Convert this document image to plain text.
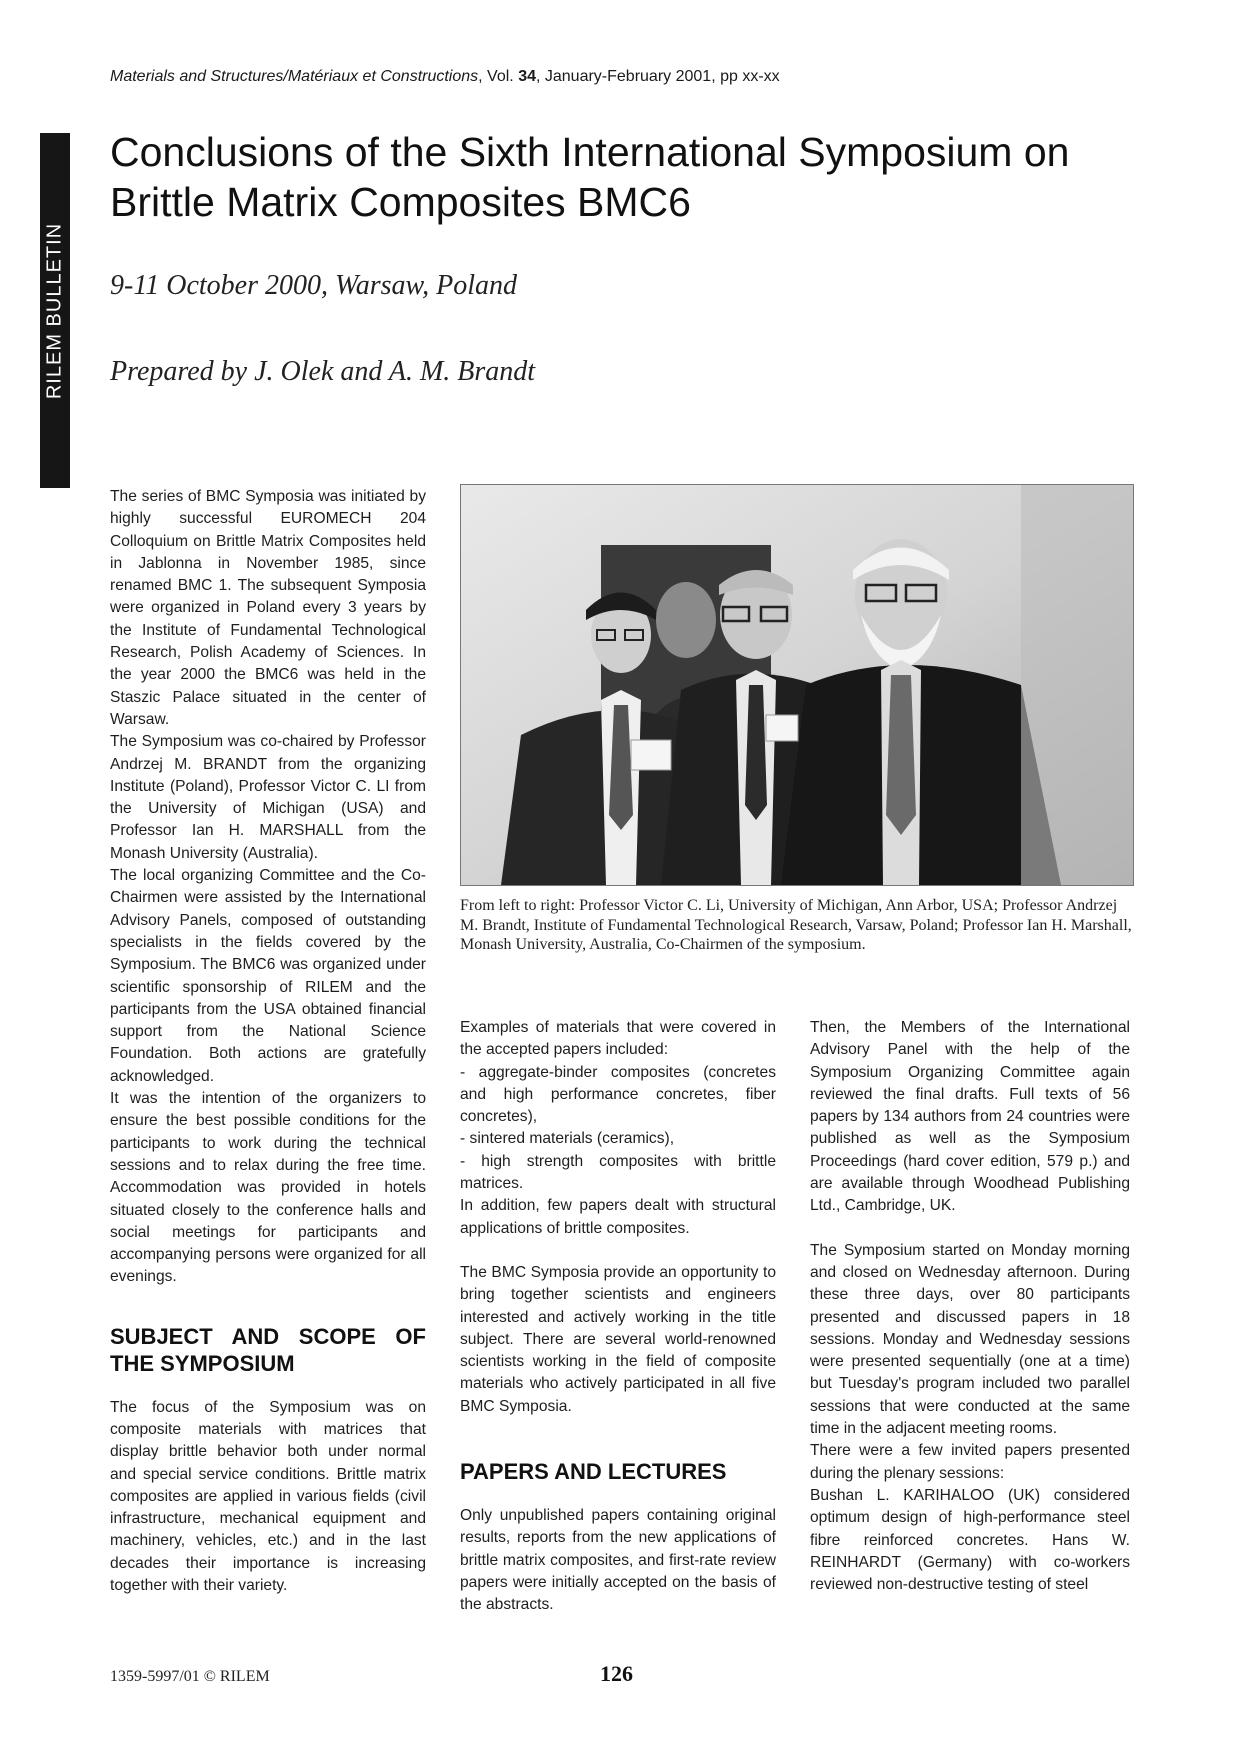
Materials and Structures/Matériaux et Constructions, Vol. 34, January-February 2001, pp xx-xx
RILEM BULLETIN
Conclusions of the Sixth International Symposium on Brittle Matrix Composites BMC6
9-11 October 2000, Warsaw, Poland
Prepared by J. Olek and A. M. Brandt

The series of BMC Symposia was initiated by highly successful EUROMECH 204 Colloquium on Brittle Matrix Composites held in Jablonna in November 1985, since renamed BMC 1. The subsequent Symposia were organized in Poland every 3 years by the Institute of Fundamental Technological Research, Polish Academy of Sciences. In the year 2000 the BMC6 was held in the Staszic Palace situated in the center of Warsaw.

The Symposium was co-chaired by Professor Andrzej M. BRANDT from the organizing Institute (Poland), Professor Victor C. LI from the University of Michigan (USA) and Professor Ian H. MARSHALL from the Monash University (Australia).

The local organizing Committee and the Co-Chairmen were assisted by the International Advisory Panels, composed of outstanding specialists in the fields covered by the Symposium. The BMC6 was organized under scientific sponsorship of RILEM and the participants from the USA obtained financial support from the National Science Foundation. Both actions are gratefully acknowledged.

It was the intention of the organizers to ensure the best possible conditions for the participants to work during the technical sessions and to relax during the free time. Accommodation was provided in hotels situated closely to the conference halls and social meetings for participants and accompanying persons were organized for all evenings.

SUBJECT AND SCOPE OF THE SYMPOSIUM

The focus of the Symposium was on composite materials with matrices that display brittle behavior both under normal and special service conditions. Brittle matrix composites are applied in various fields (civil infrastructure, mechanical equipment and machinery, vehicles, etc.) and in the last decades their importance is increasing together with their variety.

From left to right: Professor Victor C. Li, University of Michigan, Ann Arbor, USA; Professor Andrzej M. Brandt, Institute of Fundamental Technological Research, Varsaw, Poland; Professor Ian H. Marshall, Monash University, Australia, Co-Chairmen of the symposium.

Examples of materials that were covered in the accepted papers included:

- aggregate-binder composites (concretes and high performance concretes, fiber concretes),

- sintered materials (ceramics),

- high strength composites with brittle matrices.

In addition, few papers dealt with structural applications of brittle composites.

The BMC Symposia provide an opportunity to bring together scientists and engineers interested and actively working in the title subject. There are several world-renowned scientists working in the field of composite materials who actively participated in all five BMC Symposia.

PAPERS AND LECTURES

Only unpublished papers containing original results, reports from the new applications of brittle matrix composites, and first-rate review papers were initially accepted on the basis of the abstracts.

Then, the Members of the International Advisory Panel with the help of the Symposium Organizing Committee again reviewed the final drafts. Full texts of 56 papers by 134 authors from 24 countries were published as well as the Symposium Proceedings (hard cover edition, 579 p.) and are available through Woodhead Publishing Ltd., Cambridge, UK.

The Symposium started on Monday morning and closed on Wednesday afternoon. During these three days, over 80 participants presented and discussed papers in 18 sessions. Monday and Wednesday sessions were presented sequentially (one at a time) but Tuesday's program included two parallel sessions that were conducted at the same time in the adjacent meeting rooms.

There were a few invited papers presented during the plenary sessions:

Bushan L. KARIHALOO (UK) considered optimum design of high-performance steel fibre reinforced concretes. Hans W. REINHARDT (Germany) with co-workers reviewed non-destructive testing of steel

1359-5997/01 © RILEM	126
